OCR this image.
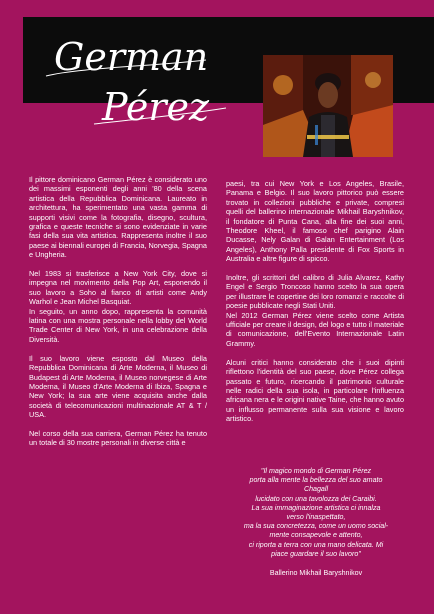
German
Pérez

Il pittore dominicano German Pérez è considerato uno dei massimi esponenti degli anni '80 della scena artistica della Repubblica Dominicana. Laureato in architettura, ha sperimentato una vasta gamma di supporti visivi come la fotografia, disegno, scultura, grafica e queste tecniche si sono evidenziate in varie fasi della sua vita artistica. Rappresenta inoltre il suo paese ai biennali europei di Francia, Norvegia, Spagna e Ungheria.

Nel 1983 si trasferisce a New York City, dove si impegna nel movimento della Pop Art, esponendo il suo lavoro a Soho al fianco di artisti come Andy Warhol e Jean Michel Basquiat.

In seguito, un anno dopo, rappresenta la comunità latina con una mostra personale nella lobby del World Trade Center di New York, in una celebrazione della Diversità.

Il suo lavoro viene esposto dal Museo della Repubblica Dominicana di Arte Moderna, il Museo di Budapest di Arte Moderna, il Museo norvegese di Arte Moderna, il Museo d'Arte Moderna di Ibiza, Spagna e New York; la sua arte viene acquisita anche dalla società di telecomunicazioni multinazionale AT & T / USA.

Nel corso della sua carriera, German Pérez ha tenuto un totale di 30 mostre personali in diverse città e

paesi, tra cui New York e Los Angeles, Brasile, Panama e Belgio. Il suo lavoro pittorico può essere trovato in collezioni pubbliche e private, compresi quelli del ballerino internazionale Mikhail Baryshnikov, il fondatore di Punta Cana, alla fine dei suoi anni, Theodore Kheel, il famoso chef parigino Alain Ducasse, Nely Galan di Galan Entertainment (Los Angeles), Anthony Palla presidente di Fox Sports in Australia e altre figure di spicco.

Inoltre, gli scrittori del calibro di Julia Alvarez, Kathy Engel e Sergio Troncoso hanno scelto la sua opera per illustrare le copertine dei loro romanzi e raccolte di poesie pubblicate negli Stati Uniti.

Nel 2012 German Pérez viene scelto come Artista ufficiale per creare il design, del logo e tutto il materiale di comunicazione, dell'Evento Internazionale Latin Grammy.

Alcuni critici hanno considerato che i suoi dipinti riflettono l'identità del suo paese, dove Pérez collega passato e futuro, ricercando il patrimonio culturale nelle radici della sua isola, in particolare l'influenza africana nera e le origini native Taine, che hanno avuto un influsso permanente sulla sua visione e lavoro artistico.

"Il magico mondo di German Pérez
porta alla mente la bellezza del suo amato
Chagall
lucidato con una tavolozza dei Caraibi.
La sua immaginazione artistica ci innalza
verso l'inaspettato,
ma la sua concretezza, come un uomo social-
mente consapevole e attento,
ci riporta a terra con una mano delicata. Mi
piace guardare il suo lavoro"
Ballerino Mikhail Baryshnikov
